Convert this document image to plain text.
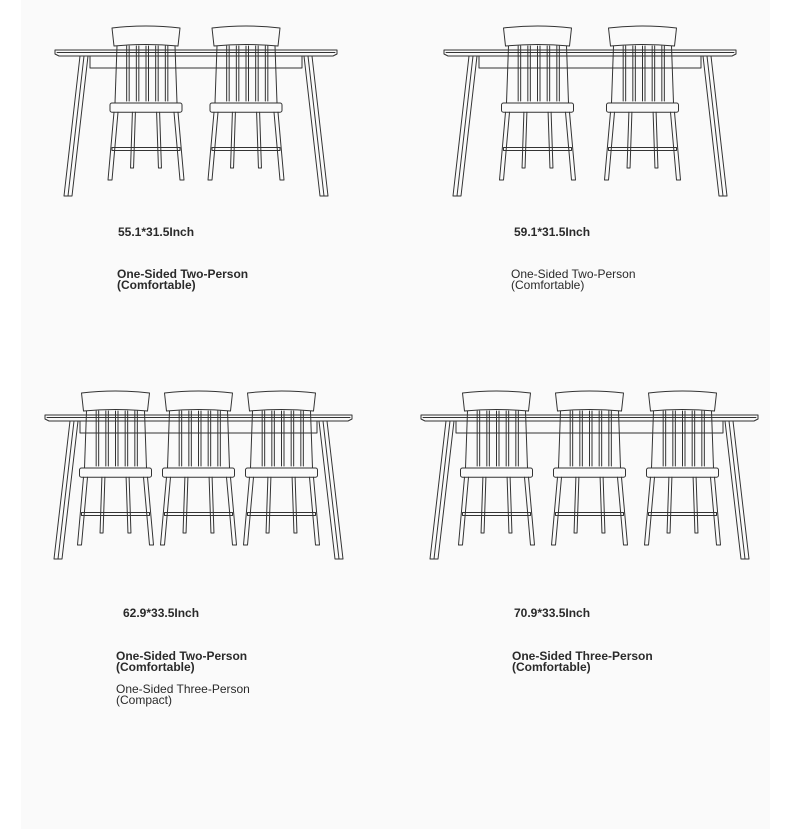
55.1*31.5Inch
One-Sided Two-Person
(Comfortable)
59.1*31.5Inch
One-Sided Two-Person
(Comfortable)
62.9*33.5Inch
One-Sided Two-Person
(Comfortable)
One-Sided Three-Person
(Compact)
70.9*33.5Inch
One-Sided Three-Person
(Comfortable)
